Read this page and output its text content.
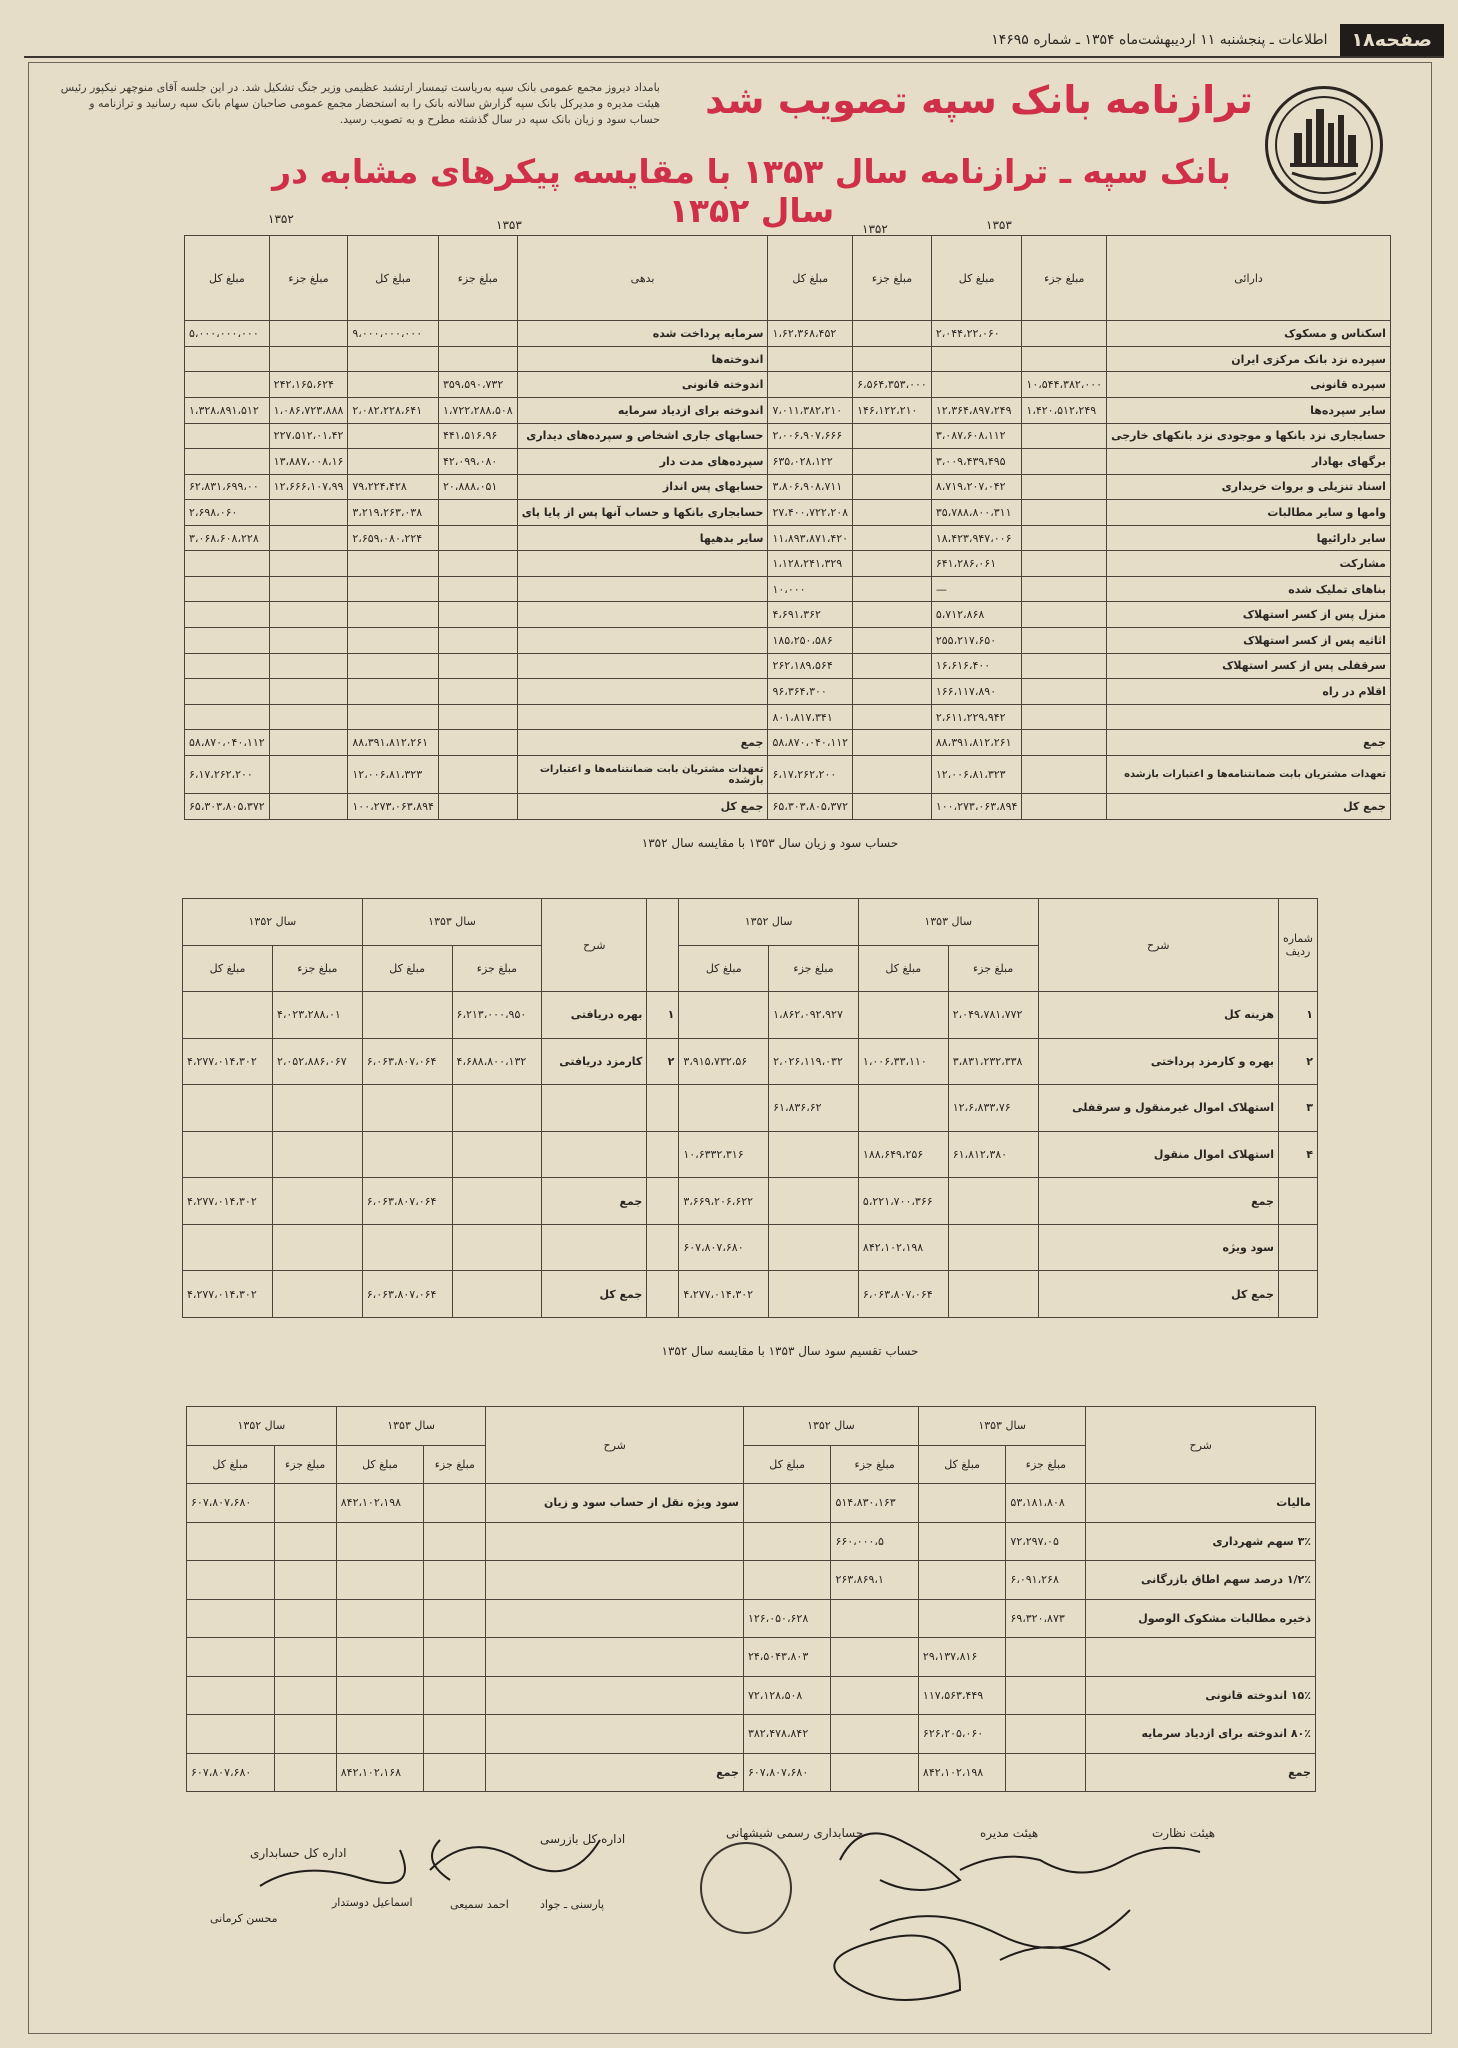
صفحه۱۸
اطلاعات ـ پنجشنبه ۱۱ اردیبهشت‌ماه ۱۳۵۴ ـ شماره ۱۴۶۹۵
ترازنامه بانک سپه تصویب شد
بامداد دیروز مجمع عمومی بانک سپه به‌ریاست تیمسار ارتشبد عظیمی وزیر جنگ تشکیل شد. در این جلسه آقای منوچهر نیکپور رئیس هیئت مدیره و مدیرکل بانک سپه گزارش سالانه بانک را به استحضار مجمع عمومی صاحبان سهام بانک سپه رسانید و ترازنامه و حساب سود و زیان بانک سپه در سال گذشته مطرح و به تصویب رسید.
بانک سپه ـ ترازنامه سال ۱۳۵۳ با مقایسه پیکرهای مشابه در سال ۱۳۵۲	۱۳۵۳
۱۳۵۲
۱۳۵۳
۱۳۵۲
دارائی	مبلغ جزء	مبلغ کل	مبلغ جزء	مبلغ کل	بدهی	مبلغ جزء	مبلغ کل	مبلغ جزء	مبلغ کل
اسکناس و مسکوک		۲،۰۴۴،۲۲،۰۶۰		۱،۶۲،۳۶۸،۴۵۲	سرمایه پرداخت شده		۹،۰۰۰،۰۰۰،۰۰۰		۵،۰۰۰،۰۰۰،۰۰۰
سپرده نزد بانک مرکزی ایران					اندوخته‌ها				
سپرده قانونی	۱۰،۵۴۴،۳۸۲،۰۰۰		۶،۵۶۴،۳۵۳،۰۰۰		اندوخته قانونی	۳۵۹،۵۹۰،۷۳۲		۲۴۲،۱۶۵،۶۲۴	
سایر سپرده‌ها	۱،۴۲۰،۵۱۲،۲۴۹	۱۲،۳۶۴،۸۹۷،۲۴۹	۱۴۶،۱۲۲،۲۱۰	۷،۰۱۱،۳۸۲،۲۱۰	اندوخته برای ازدیاد سرمایه	۱،۷۲۲،۲۸۸،۵۰۸	۲،۰۸۲،۲۲۸،۶۴۱	۱،۰۸۶،۷۲۳،۸۸۸	۱،۳۲۸،۸۹۱،۵۱۲
حسابجاری نزد بانکها و موجودی نزد بانکهای خارجی		۳،۰۸۷،۶۰۸،۱۱۲		۲،۰۰۶،۹۰۷،۶۶۶	حسابهای جاری اشخاص و سپرده‌های دیداری	۴۴۱،۵۱۶،۹۶		۲۲۷،۵۱۲،۰۱،۴۲	
برگهای بهادار		۳،۰۰۹،۴۳۹،۴۹۵		۶۳۵،۰۲۸،۱۲۲	سپرده‌های مدت دار	۴۲،۰۹۹،۰۸۰		۱۳،۸۸۷،۰۰۸،۱۶	
اسناد تنزیلی و بروات خریداری		۸،۷۱۹،۲۰۷،۰۴۲		۳،۸۰۶،۹۰۸،۷۱۱	حسابهای پس انداز	۲۰،۸۸۸،۰۵۱	۷۹،۲۲۴،۴۲۸	۱۲،۶۶۶،۱۰۷،۹۹	۶۲،۸۳۱،۶۹۹،۰۰
وامها و سایر مطالبات		۳۵،۷۸۸،۸۰۰،۳۱۱		۲۷،۴۰۰،۷۲۲،۲۰۸	حسابجاری بانکها و حساب آنها پس از پایا پای		۳،۲۱۹،۲۶۳،۰۳۸		۲،۶۹۸،۰۶۰
سایر دارائیها		۱۸،۴۲۳،۹۴۷،۰۰۶		۱۱،۸۹۳،۸۷۱،۴۲۰	سایر بدهیها		۲،۶۵۹،۰۸۰،۲۲۴		۳،۰۶۸،۶۰۸،۲۲۸
مشارکت		۶۴۱،۲۸۶،۰۶۱		۱،۱۲۸،۲۴۱،۳۲۹					
بناهای تملیک شده		—		۱۰،۰۰۰					
منزل پس از کسر استهلاک		۵،۷۱۲،۸۶۸		۴،۶۹۱،۳۶۲					
اثاثیه پس از کسر استهلاک		۲۵۵،۲۱۷،۶۵۰		۱۸۵،۲۵۰،۵۸۶					
سرقفلی پس از کسر استهلاک		۱۶،۶۱۶،۴۰۰		۲۶۲،۱۸۹،۵۶۴					
اقلام در راه		۱۶۶،۱۱۷،۸۹۰		۹۶،۳۶۴،۳۰۰					
		۲،۶۱۱،۲۲۹،۹۴۲		۸۰۱،۸۱۷،۳۴۱					
جمع		۸۸،۳۹۱،۸۱۲،۲۶۱		۵۸،۸۷۰،۰۴۰،۱۱۲	جمع		۸۸،۳۹۱،۸۱۲،۲۶۱		۵۸،۸۷۰،۰۴۰،۱۱۲
تعهدات مشتریان بابت ضمانتنامه‌ها و اعتبارات بازشده		۱۲،۰۰۶،۸۱،۳۲۳		۶،۱۷،۲۶۲،۲۰۰	تعهدات مشتریان بابت ضمانتنامه‌ها و اعتبارات بازشده		۱۲،۰۰۶،۸۱،۳۲۳		۶،۱۷،۲۶۲،۲۰۰
جمع کل		۱۰۰،۲۷۳،۰۶۳،۸۹۴		۶۵،۳۰۳،۸۰۵،۳۷۲	جمع کل		۱۰۰،۲۷۳،۰۶۳،۸۹۴		۶۵،۳۰۳،۸۰۵،۳۷۲
حساب سود و زیان سال ۱۳۵۳ با مقایسه سال ۱۳۵۲
شماره ردیف	شرح	سال ۱۳۵۳		سال ۱۳۵۲			شرح	سال ۱۳۵۳		سال ۱۳۵۲	
		مبلغ جزء	مبلغ کل	مبلغ جزء	مبلغ کل			مبلغ جزء	مبلغ کل	مبلغ جزء	مبلغ کل
۱	هزینه کل	۲،۰۴۹،۷۸۱،۷۷۲		۱،۸۶۲،۰۹۲،۹۲۷		۱	بهره دریافتی	۶،۲۱۳،۰۰۰،۹۵۰		۴،۰۲۳،۲۸۸،۰۱	
۲	بهره و کارمزد پرداختی	۳،۸۳۱،۲۳۲،۳۳۸	۱،۰۰۶،۳۳،۱۱۰	۲،۰۲۶،۱۱۹،۰۳۲	۳،۹۱۵،۷۳۲،۵۶	۲	کارمزد دریافتی	۴،۶۸۸،۸۰۰،۱۳۲	۶،۰۶۳،۸۰۷،۰۶۴	۲،۰۵۲،۸۸۶،۰۶۷	۴،۲۷۷،۰۱۴،۳۰۲
۳	استهلاک اموال غیرمنقول و سرقفلی	۱۲،۶،۸۳۳،۷۶		۶۱،۸۳۶،۶۲							
۴	استهلاک اموال منقول	۶۱،۸۱۲،۳۸۰	۱۸۸،۶۴۹،۲۵۶		۱۰،۶۳۳۲،۳۱۶						
	جمع		۵،۲۲۱،۷۰۰،۳۶۶		۳،۶۶۹،۲۰۶،۶۲۲		جمع		۶،۰۶۳،۸۰۷،۰۶۴		۴،۲۷۷،۰۱۴،۳۰۲
	سود ویژه		۸۴۲،۱۰۲،۱۹۸		۶۰۷،۸۰۷،۶۸۰						
	جمع کل		۶،۰۶۳،۸۰۷،۰۶۴		۴،۲۷۷،۰۱۴،۳۰۲		جمع کل		۶،۰۶۳،۸۰۷،۰۶۴		۴،۲۷۷،۰۱۴،۳۰۲
حساب تقسیم سود سال ۱۳۵۳ با مقایسه سال ۱۳۵۲
شرح	سال ۱۳۵۳		سال ۱۳۵۲		شرح	سال ۱۳۵۳		سال ۱۳۵۲	
	مبلغ جزء	مبلغ کل	مبلغ جزء	مبلغ کل		مبلغ جزء	مبلغ کل	مبلغ جزء	مبلغ کل
مالیات	۵۳،۱۸۱،۸۰۸		۵۱۴،۸۳۰،۱۶۳		سود ویژه نقل از حساب سود و زیان		۸۴۲،۱۰۲،۱۹۸		۶۰۷،۸۰۷،۶۸۰
۳٪ سهم شهرداری	۷۲،۲۹۷،۰۵		۶۶۰،۰۰۰،۵						
۱/۲٪ درصد سهم اطاق بازرگانی	۶،۰۹۱،۲۶۸		۲۶۳،۸۶۹،۱						
ذخیره مطالبات مشکوک الوصول	۶۹،۳۲۰،۸۷۳			۱۲۶،۰۵۰،۶۲۸					
		۲۹،۱۳۷،۸۱۶		۲۴،۵۰۴۳،۸۰۳					
۱۵٪ اندوخته قانونی		۱۱۷،۵۶۳،۴۴۹		۷۲،۱۲۸،۵۰۸					
۸۰٪ اندوخته برای ازدیاد سرمایه		۶۲۶،۲۰۵،۰۶۰		۳۸۲،۴۷۸،۸۴۲					
جمع		۸۴۲،۱۰۲،۱۹۸		۶۰۷،۸۰۷،۶۸۰	جمع		۸۴۲،۱۰۲،۱۶۸		۶۰۷،۸۰۷،۶۸۰
هیئت نظارت
هیئت مدیره
حسابداری رسمی شیشهانی
اداره کل بازرسی
اداره کل حسابداری
محسن کرمانی
اسماعیل دوستدار	پارسنی ـ جواد
احمد سمیعی
